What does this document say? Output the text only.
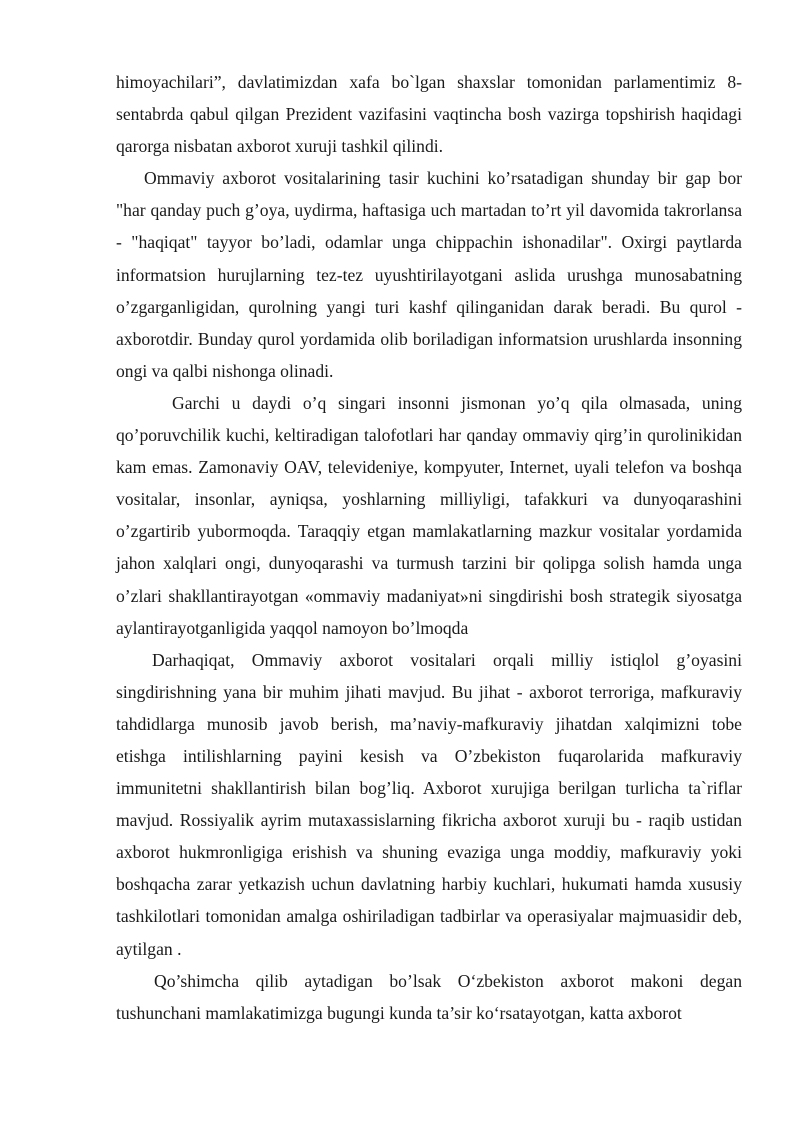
himoyachilari”, davlatimizdan xafa bo`lgan shaxslar tomonidan parlamentimiz 8-sentabrda qabul qilgan Prezident vazifasini vaqtincha bosh vazirga topshirish haqidagi qarorga nisbatan axborot xuruji tashkil qilindi.

Ommaviy axborot vositalarining tasir kuchini ko’rsatadigan shunday bir gap bor "har qanday puch g’oya, uydirma, haftasiga uch martadan to’rt yil davomida takrorlansa - "haqiqat" tayyor bo’ladi, odamlar unga chippachin ishonadilar". Oxirgi paytlarda informatsion hurujlarning tez-tez uyushtirilayotgani aslida urushga munosabatning o’zgarganligidan, qurolning yangi turi kashf qilinganidan darak beradi. Bu qurol - axborotdir. Bunday qurol yordamida olib boriladigan informatsion urushlarda insonning ongi va qalbi nishonga olinadi.

Garchi u daydi o’q singari insonni jismonan yo’q qila olmasada, uning qo’poruvchilik kuchi, keltiradigan talofotlari har qanday ommaviy qirg’in qurolinikidan kam emas. Zamonaviy OAV, televideniye, kompyuter, Internet, uyali telefon va boshqa vositalar, insonlar, ayniqsa, yoshlarning milliyligi, tafakkuri va dunyoqarashini o’zgartirib yubormoqda. Taraqqiy etgan mamlakatlarning mazkur vositalar yordamida jahon xalqlari ongi, dunyoqarashi va turmush tarzini bir qolipga solish hamda unga o’zlari shakllantirayotgan «ommaviy madaniyat»ni singdirishi bosh strategik siyosatga aylantirayotganligida yaqqol namoyon bo’lmoqda

Darhaqiqat, Ommaviy axborot vositalari orqali milliy istiqlol g’oyasini singdirishning yana bir muhim jihati mavjud. Bu jihat - axborot terroriga, mafkuraviy tahdidlarga munosib javob berish, ma’naviy-mafkuraviy jihatdan xalqimizni tobe etishga intilishlarning payini kesish va O’zbekiston fuqarolarida mafkuraviy immunitetni shakllantirish bilan bog’liq. Axborot xurujiga berilgan turlicha ta`riflar mavjud. Rossiyalik ayrim mutaxassislarning fikricha axborot xuruji bu - raqib ustidan axborot hukmronligiga erishish va shuning evaziga unga moddiy, mafkuraviy yoki boshqacha zarar yetkazish uchun davlatning harbiy kuchlari, hukumati hamda xususiy tashkilotlari tomonidan amalga oshiriladigan tadbirlar va operasiyalar majmuasidir deb, aytilgan .

Qo’shimcha qilib aytadigan bo’lsak O‘zbekiston axborot makoni degan tushunchani mamlakatimizga bugungi kunda ta’sir ko‘rsatayotgan, katta axborot
